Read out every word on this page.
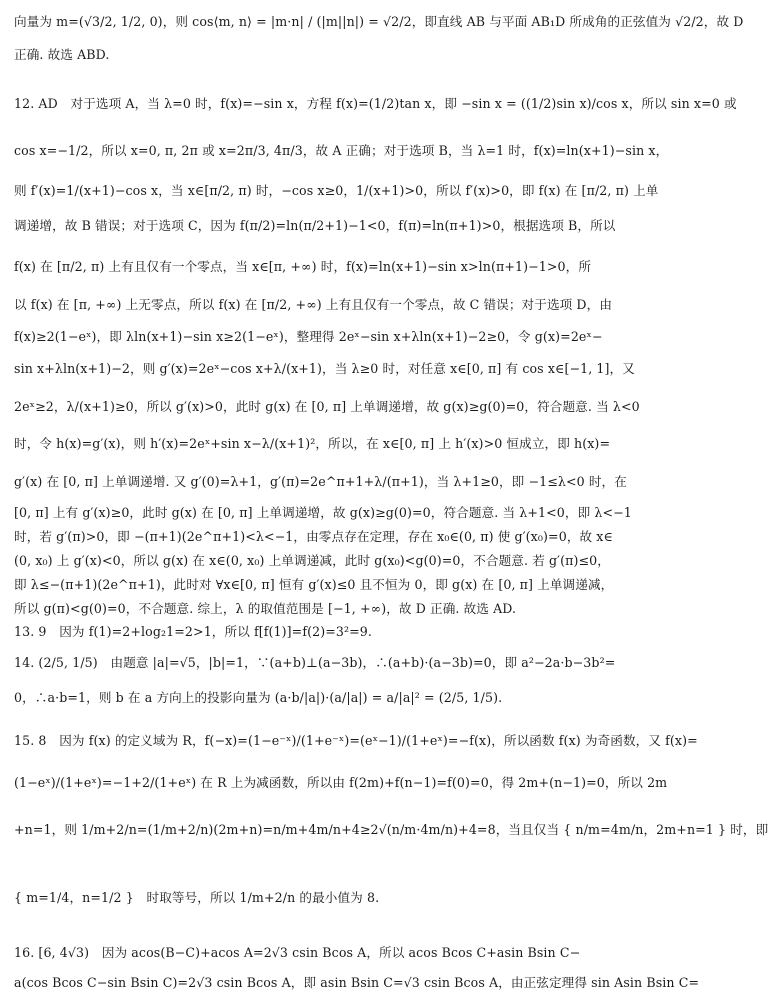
向量为 m=(√3/2, 1/2, 0)，则 cos⟨m, n⟩ = |m·n| / (|m||n|) = √2/2，即直线 AB 与平面 AB₁D 所成角的正弦值为 √2/2，故 D
正确. 故选 ABD.
12. AD　对于选项 A，当 λ=0 时，f(x)=−sin x，方程 f(x)=(1/2)tan x，即 −sin x = ((1/2)sin x)/cos x，所以 sin x=0 或
cos x=−1/2，所以 x=0, π, 2π 或 x=2π/3, 4π/3，故 A 正确；对于选项 B，当 λ=1 时，f(x)=ln(x+1)−sin x，
则 f′(x)=1/(x+1)−cos x，当 x∈[π/2, π) 时，−cos x≥0，1/(x+1)>0，所以 f′(x)>0，即 f(x) 在 [π/2, π) 上单
调递增，故 B 错误；对于选项 C，因为 f(π/2)=ln(π/2+1)−1<0，f(π)=ln(π+1)>0，根据选项 B，所以
f(x) 在 [π/2, π) 上有且仅有一个零点，当 x∈[π, +∞) 时，f(x)=ln(x+1)−sin x>ln(π+1)−1>0，所
以 f(x) 在 [π, +∞) 上无零点，所以 f(x) 在 [π/2, +∞) 上有且仅有一个零点，故 C 错误；对于选项 D，由
f(x)≥2(1−eˣ)，即 λln(x+1)−sin x≥2(1−eˣ)，整理得 2eˣ−sin x+λln(x+1)−2≥0，令 g(x)=2eˣ−
sin x+λln(x+1)−2，则 g′(x)=2eˣ−cos x+λ/(x+1)，当 λ≥0 时，对任意 x∈[0, π] 有 cos x∈[−1, 1]，又
2eˣ≥2，λ/(x+1)≥0，所以 g′(x)>0，此时 g(x) 在 [0, π] 上单调递增，故 g(x)≥g(0)=0，符合题意. 当 λ<0
时，令 h(x)=g′(x)，则 h′(x)=2eˣ+sin x−λ/(x+1)²，所以，在 x∈[0, π] 上 h′(x)>0 恒成立，即 h(x)=
g′(x) 在 [0, π] 上单调递增. 又 g′(0)=λ+1，g′(π)=2e^π+1+λ/(π+1)，当 λ+1≥0，即 −1≤λ<0 时，在
[0, π] 上有 g′(x)≥0，此时 g(x) 在 [0, π] 上单调递增，故 g(x)≥g(0)=0，符合题意. 当 λ+1<0，即 λ<−1
时，若 g′(π)>0，即 −(π+1)(2e^π+1)<λ<−1，由零点存在定理，存在 x₀∈(0, π) 使 g′(x₀)=0，故 x∈
(0, x₀) 上 g′(x)<0，所以 g(x) 在 x∈(0, x₀) 上单调递减，此时 g(x₀)<g(0)=0，不合题意. 若 g′(π)≤0，
即 λ≤−(π+1)(2e^π+1)，此时对 ∀x∈[0, π] 恒有 g′(x)≤0 且不恒为 0，即 g(x) 在 [0, π] 上单调递减，
所以 g(π)<g(0)=0，不合题意. 综上，λ 的取值范围是 [−1, +∞)，故 D 正确. 故选 AD.
13. 9　因为 f(1)=2+log₂1=2>1，所以 f[f(1)]=f(2)=3²=9.
14. (2/5, 1/5)　由题意 |a|=√5，|b|=1，∵(a+b)⊥(a−3b)，∴(a+b)·(a−3b)=0，即 a²−2a·b−3b²=
0，∴a·b=1，则 b 在 a 方向上的投影向量为 (a·b/|a|)·(a/|a|) = a/|a|² = (2/5, 1/5).
15. 8　因为 f(x) 的定义域为 R，f(−x)=(1−e⁻ˣ)/(1+e⁻ˣ)=(eˣ−1)/(1+eˣ)=−f(x)，所以函数 f(x) 为奇函数，又 f(x)=
(1−eˣ)/(1+eˣ)=−1+2/(1+eˣ) 在 R 上为减函数，所以由 f(2m)+f(n−1)=f(0)=0，得 2m+(n−1)=0，所以 2m
+n=1，则 1/m+2/n=(1/m+2/n)(2m+n)=n/m+4m/n+4≥2√(n/m·4m/n)+4=8，当且仅当 { n/m=4m/n，2m+n=1 } 时，即
{ m=1/4，n=1/2 }　时取等号，所以 1/m+2/n 的最小值为 8.
16. [6, 4√3)　因为 acos(B−C)+acos A=2√3 csin Bcos A，所以 acos Bcos C+asin Bsin C−
a(cos Bcos C−sin Bsin C)=2√3 csin Bcos A，即 asin Bsin C=√3 csin Bcos A，由正弦定理得 sin Asin Bsin C=
